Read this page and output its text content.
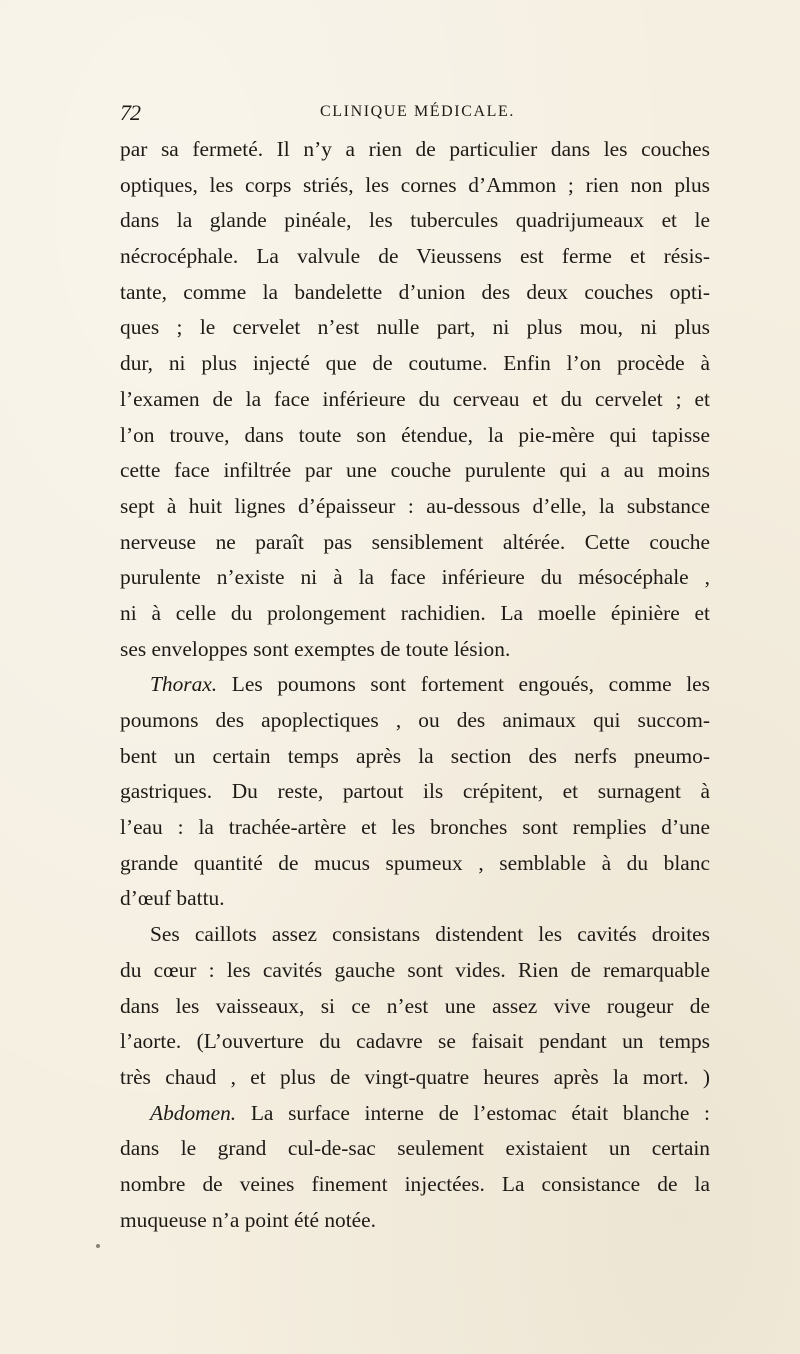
72	CLINIQUE MÉDICALE.
par sa fermeté. Il n’y a rien de particulier dans les couches
optiques, les corps striés, les cornes d’Ammon ; rien non plus
dans la glande pinéale, les tubercules quadrijumeaux et le
nécrocéphale. La valvule de Vieussens est ferme et résis-
tante, comme la bandelette d’union des deux couches opti-
ques ; le cervelet n’est nulle part, ni plus mou, ni plus
dur, ni plus injecté que de coutume. Enfin l’on procède à
l’examen de la face inférieure du cerveau et du cervelet ; et
l’on trouve, dans toute son étendue, la pie-mère qui tapisse
cette face infiltrée par une couche purulente qui a au moins
sept à huit lignes d’épaisseur : au-dessous d’elle, la substance
nerveuse ne paraît pas sensiblement altérée. Cette couche
purulente n’existe ni à la face inférieure du mésocéphale ,
ni à celle du prolongement rachidien. La moelle épinière et
ses enveloppes sont exemptes de toute lésion.
Thorax. Les poumons sont fortement engoués, comme les
poumons des apoplectiques , ou des animaux qui succom-
bent un certain temps après la section des nerfs pneumo-
gastriques. Du reste, partout ils crépitent, et surnagent à
l’eau : la trachée-artère et les bronches sont remplies d’une
grande quantité de mucus spumeux , semblable à du blanc
d’œuf battu.
Ses caillots assez consistans distendent les cavités droites
du cœur : les cavités gauche sont vides. Rien de remarquable
dans les vaisseaux, si ce n’est une assez vive rougeur de
l’aorte. (L’ouverture du cadavre se faisait pendant un temps
très chaud , et plus de vingt-quatre heures après la mort. )
Abdomen. La surface interne de l’estomac était blanche :
dans le grand cul-de-sac seulement existaient un certain
nombre de veines finement injectées. La consistance de la
muqueuse n’a point été notée.
